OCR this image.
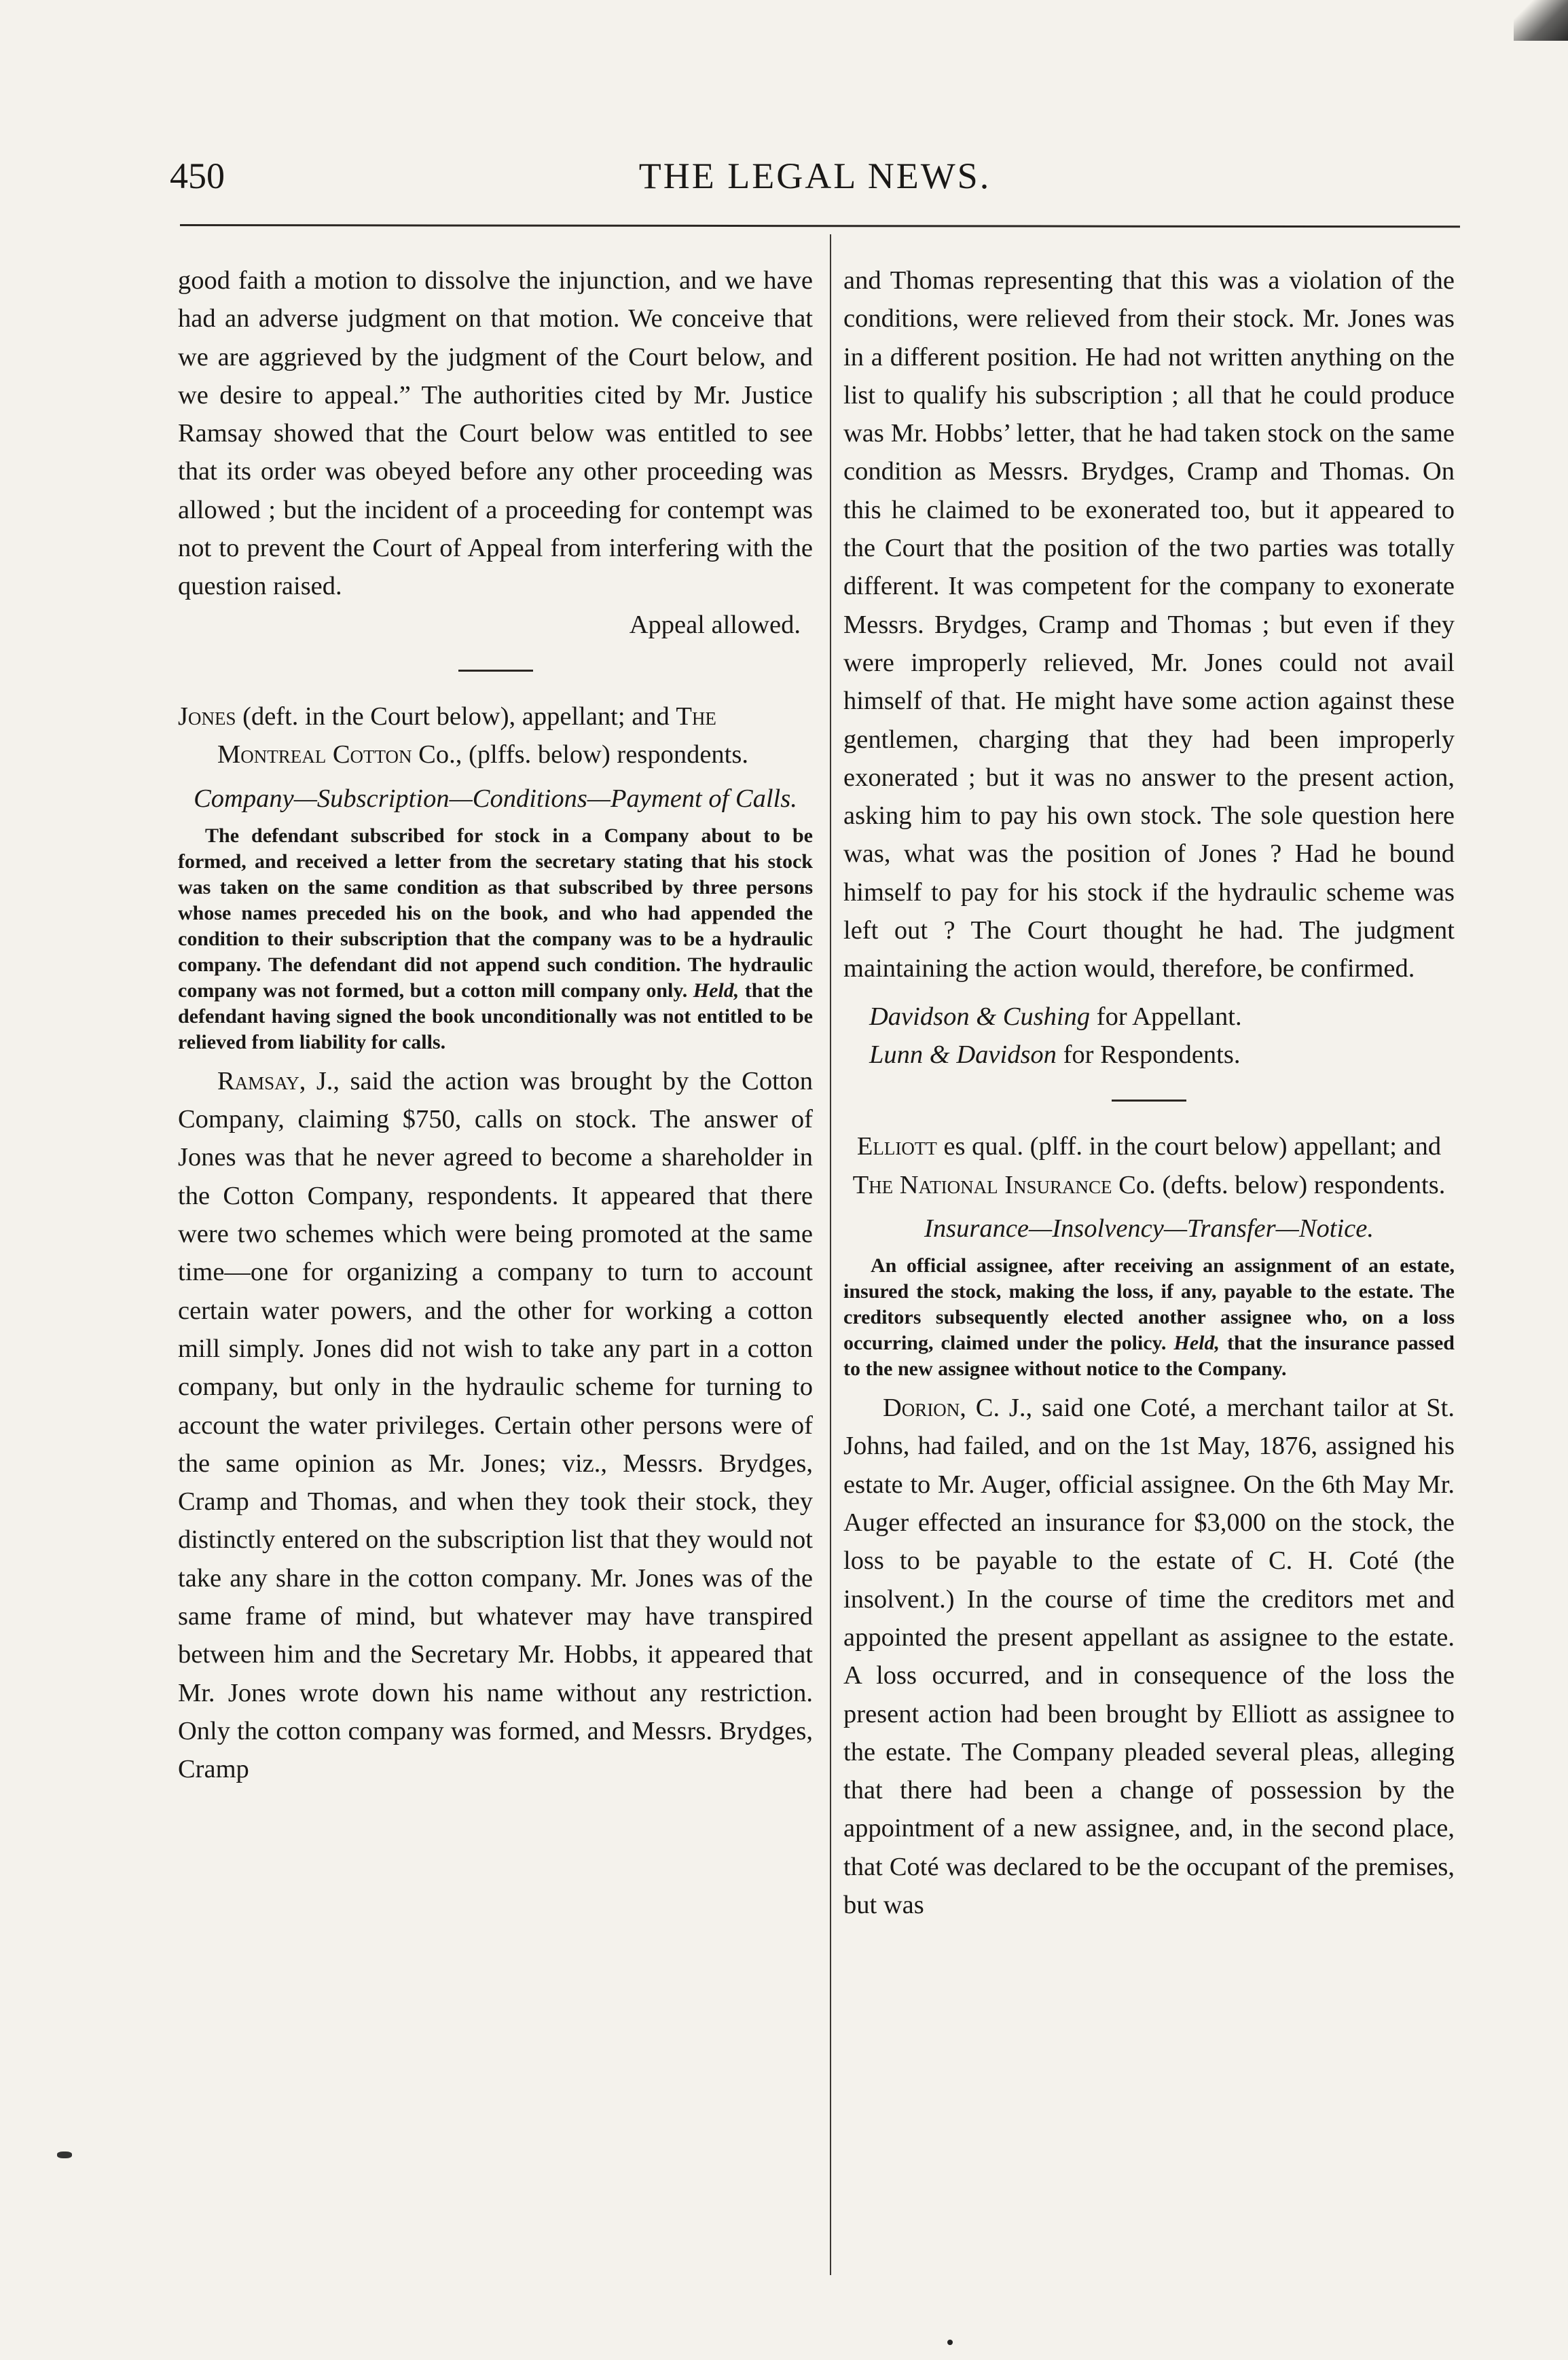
450	THE LEGAL NEWS.

good faith a motion to dissolve the injunction, and we have had an adverse judgment on that motion. We conceive that we are aggrieved by the judgment of the Court below, and we desire to appeal.” The authorities cited by Mr. Justice Ramsay showed that the Court below was entitled to see that its order was obeyed before any other proceeding was allowed ; but the incident of a proceeding for contempt was not to prevent the Court of Appeal from interfering with the question raised.

Appeal allowed.

Jones (deft. in the Court below), appellant; and The Montreal Cotton Co., (plffs. below) respondents.

Company—Subscription—Conditions—Payment of Calls.

The defendant subscribed for stock in a Company about to be formed, and received a letter from the secretary stating that his stock was taken on the same condition as that subscribed by three persons whose names preceded his on the book, and who had appended the condition to their subscription that the company was to be a hydraulic company. The defendant did not append such condition. The hydraulic company was not formed, but a cotton mill company only. Held, that the defendant having signed the book unconditionally was not entitled to be relieved from liability for calls.

Ramsay, J., said the action was brought by the Cotton Company, claiming $750, calls on stock. The answer of Jones was that he never agreed to become a shareholder in the Cotton Company, respondents. It appeared that there were two schemes which were being promoted at the same time—one for organizing a company to turn to account certain water powers, and the other for working a cotton mill simply. Jones did not wish to take any part in a cotton company, but only in the hydraulic scheme for turning to account the water privileges. Certain other persons were of the same opinion as Mr. Jones; viz., Messrs. Brydges, Cramp and Thomas, and when they took their stock, they distinctly entered on the subscription list that they would not take any share in the cotton company. Mr. Jones was of the same frame of mind, but whatever may have transpired between him and the Secretary Mr. Hobbs, it appeared that Mr. Jones wrote down his name without any restriction. Only the cotton company was formed, and Messrs. Brydges, Cramp

and Thomas representing that this was a violation of the conditions, were relieved from their stock. Mr. Jones was in a different position. He had not written anything on the list to qualify his subscription ; all that he could produce was Mr. Hobbs’ letter, that he had taken stock on the same condition as Messrs. Brydges, Cramp and Thomas. On this he claimed to be exonerated too, but it appeared to the Court that the position of the two parties was totally different. It was competent for the company to exonerate Messrs. Brydges, Cramp and Thomas ; but even if they were improperly relieved, Mr. Jones could not avail himself of that. He might have some action against these gentlemen, charging that they had been improperly exonerated ; but it was no answer to the present action, asking him to pay his own stock. The sole question here was, what was the position of Jones ? Had he bound himself to pay for his stock if the hydraulic scheme was left out ? The Court thought he had. The judgment maintaining the action would, therefore, be confirmed.

Davidson & Cushing for Appellant.

Lunn & Davidson for Respondents.

Elliott es qual. (plff. in the court below) appellant; and The National Insurance Co. (defts. below) respondents.

Insurance—Insolvency—Transfer—Notice.

An official assignee, after receiving an assignment of an estate, insured the stock, making the loss, if any, payable to the estate. The creditors subsequently elected another assignee who, on a loss occurring, claimed under the policy. Held, that the insurance passed to the new assignee without notice to the Company.

Dorion, C. J., said one Coté, a merchant tailor at St. Johns, had failed, and on the 1st May, 1876, assigned his estate to Mr. Auger, official assignee. On the 6th May Mr. Auger effected an insurance for $3,000 on the stock, the loss to be payable to the estate of C. H. Coté (the insolvent.) In the course of time the creditors met and appointed the present appellant as assignee to the estate. A loss occurred, and in consequence of the loss the present action had been brought by Elliott as assignee to the estate. The Company pleaded several pleas, alleging that there had been a change of possession by the appointment of a new assignee, and, in the second place, that Coté was declared to be the occupant of the premises, but was
